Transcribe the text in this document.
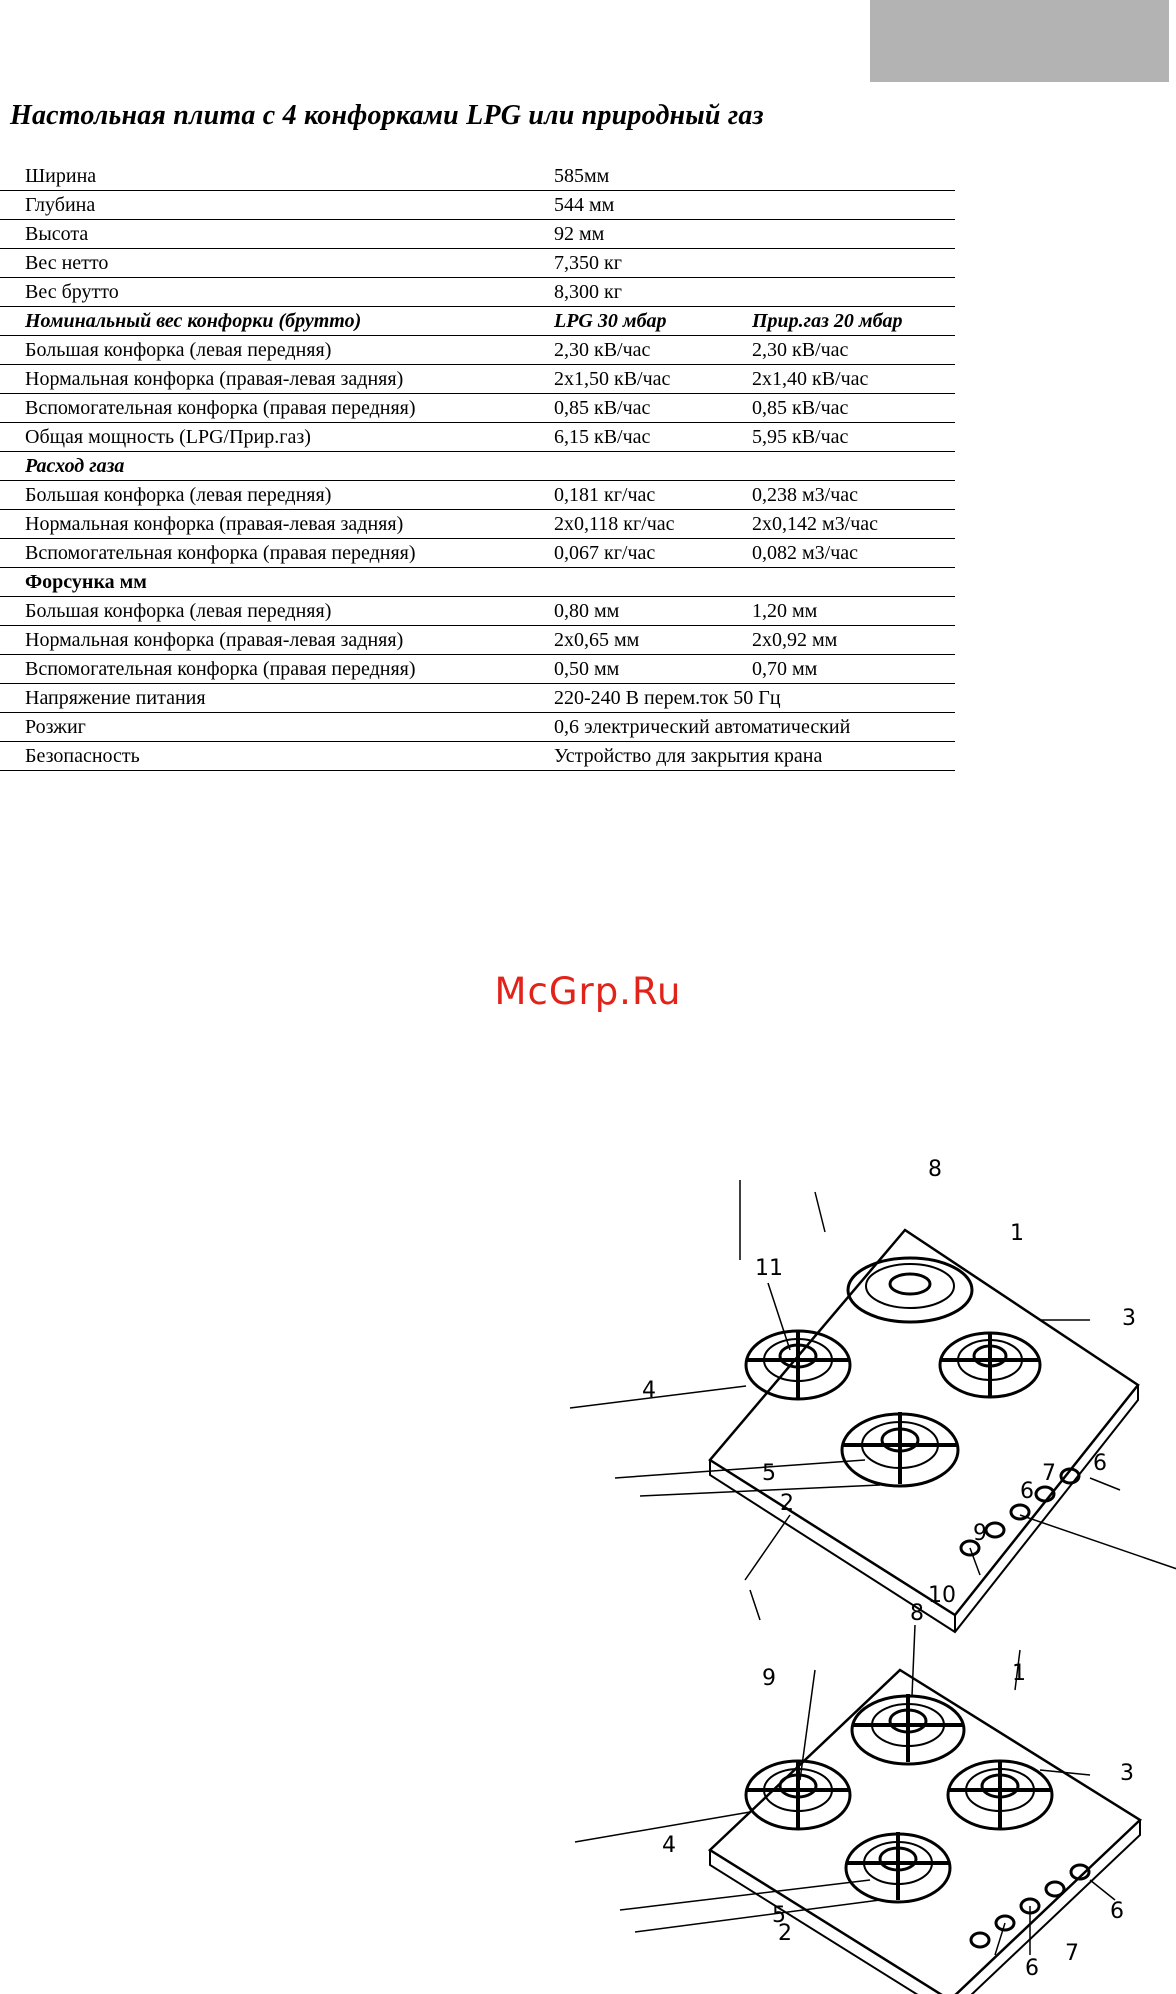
Настольная плита с 4 конфорками LPG или природный газ
Ширина	585мм	
Глубина	544 мм	
Высота	92 мм	
Вес нетто	7,350 кг	
Вес брутто	8,300 кг	
Номинальный вес конфорки (брутто)	LPG 30 мбар	Прир.газ 20 мбар
Большая конфорка (левая передняя)	2,30 кВ/час	2,30 кВ/час
Нормальная конфорка (правая-левая задняя)	2x1,50 кВ/час	2x1,40 кВ/час
Вспомогательная конфорка (правая передняя)	0,85 кВ/час	0,85 кВ/час
Общая мощность (LPG/Прир.газ)	6,15 кВ/час	5,95 кВ/час
Расход газа		
Большая конфорка (левая передняя)	0,181 кг/час	0,238 м3/час
Нормальная конфорка (правая-левая задняя)	2x0,118 кг/час	2x0,142 м3/час
Вспомогательная конфорка (правая передняя)	0,067 кг/час	0,082 м3/час
Форсунка мм		
Большая конфорка (левая передняя)	0,80 мм	1,20 мм
Нормальная конфорка (правая-левая задняя)	2x0,65 мм	2x0,92 мм
Вспомогательная конфорка (правая передняя)	0,50 мм	0,70 мм
Напряжение питания	220-240 В перем.ток 50 Гц	
Розжиг	0,6 электрический автоматический	
Безопасность	Устройство для закрытия крана	
McGrp.Ru
8
1
11
3
4
5
2
7 6
6
9
10
8
1
9
3
4
5
2
6
6
7
